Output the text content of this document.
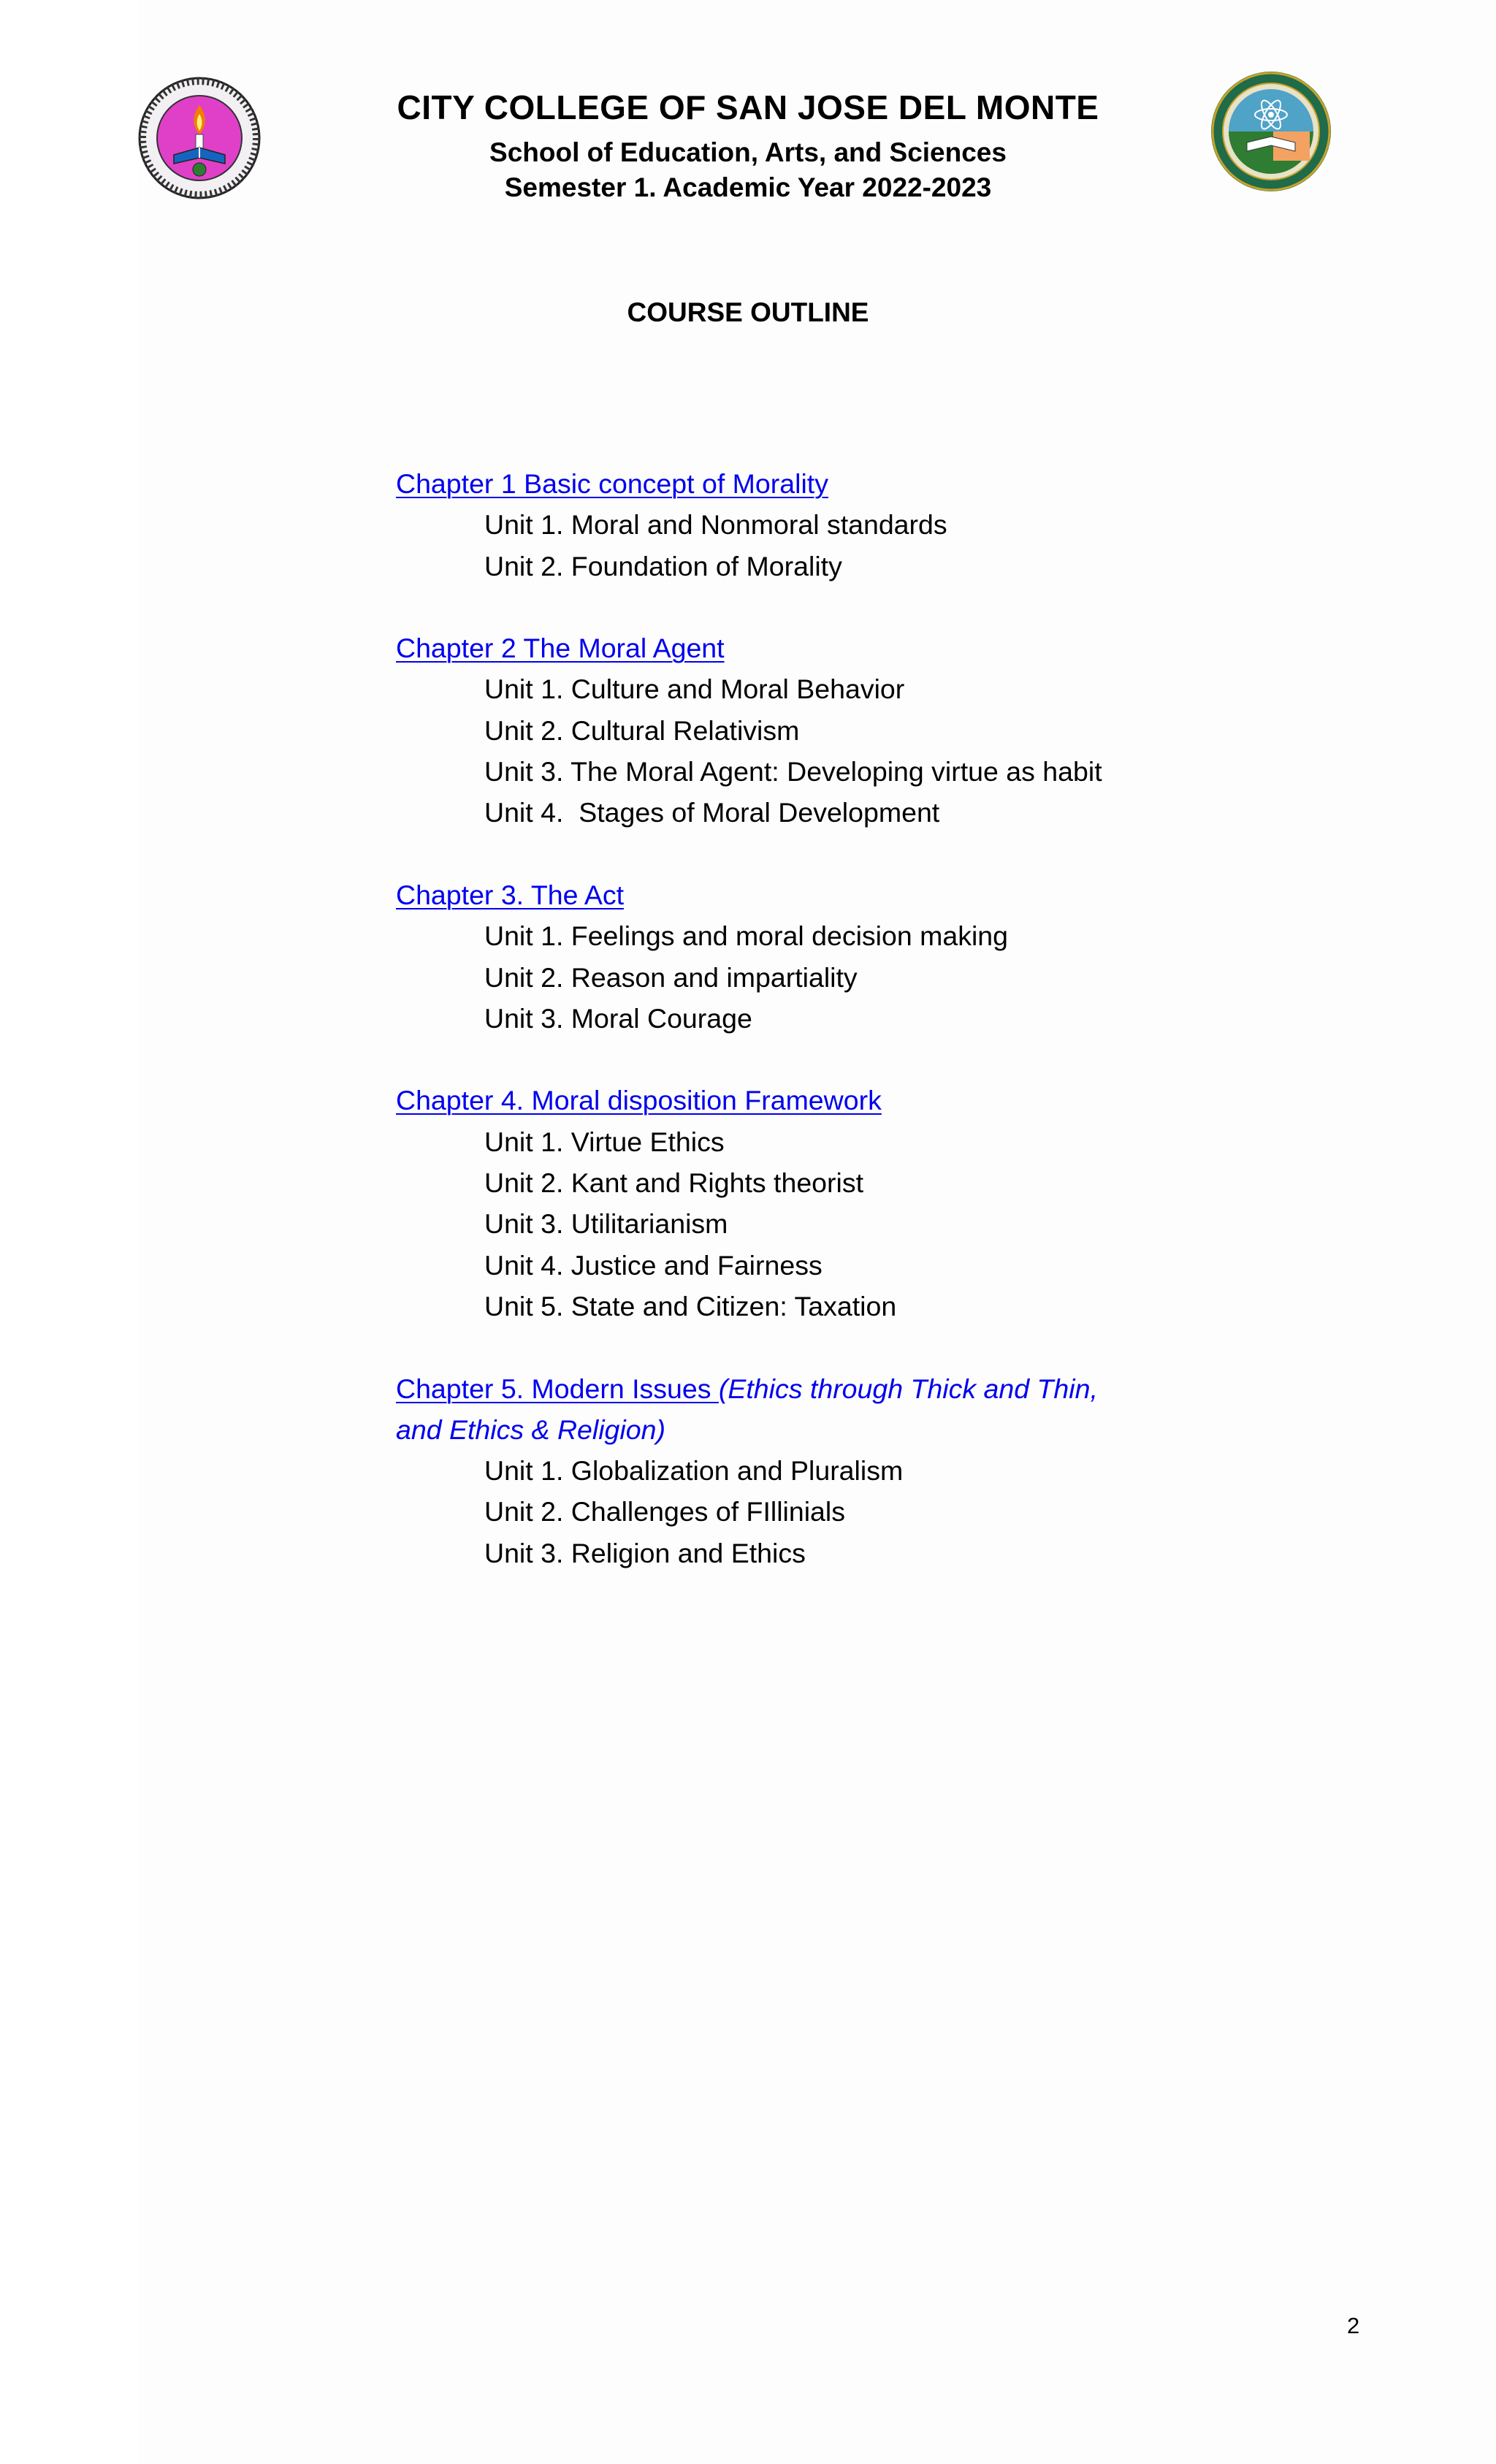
CITY COLLEGE OF SAN JOSE DEL MONTE
School of Education, Arts, and Sciences
Semester 1. Academic Year 2022-2023
COURSE OUTLINE
Chapter 1 Basic concept of Morality
Unit 1. Moral and Nonmoral standards
Unit 2. Foundation of Morality
Chapter 2 The Moral Agent
Unit 1. Culture and Moral Behavior
Unit 2. Cultural Relativism
Unit 3. The Moral Agent: Developing virtue as habit
Unit 4.  Stages of Moral Development
Chapter 3. The Act
Unit 1. Feelings and moral decision making
Unit 2. Reason and impartiality
Unit 3. Moral Courage
Chapter 4. Moral disposition Framework
Unit 1. Virtue Ethics
Unit 2. Kant and Rights theorist
Unit 3. Utilitarianism
Unit 4. Justice and Fairness
Unit 5. State and Citizen: Taxation
Chapter 5. Modern Issues (Ethics through Thick and Thin,
and Ethics & Religion)
Unit 1. Globalization and Pluralism
Unit 2. Challenges of FIllinials
Unit 3. Religion and Ethics
2
